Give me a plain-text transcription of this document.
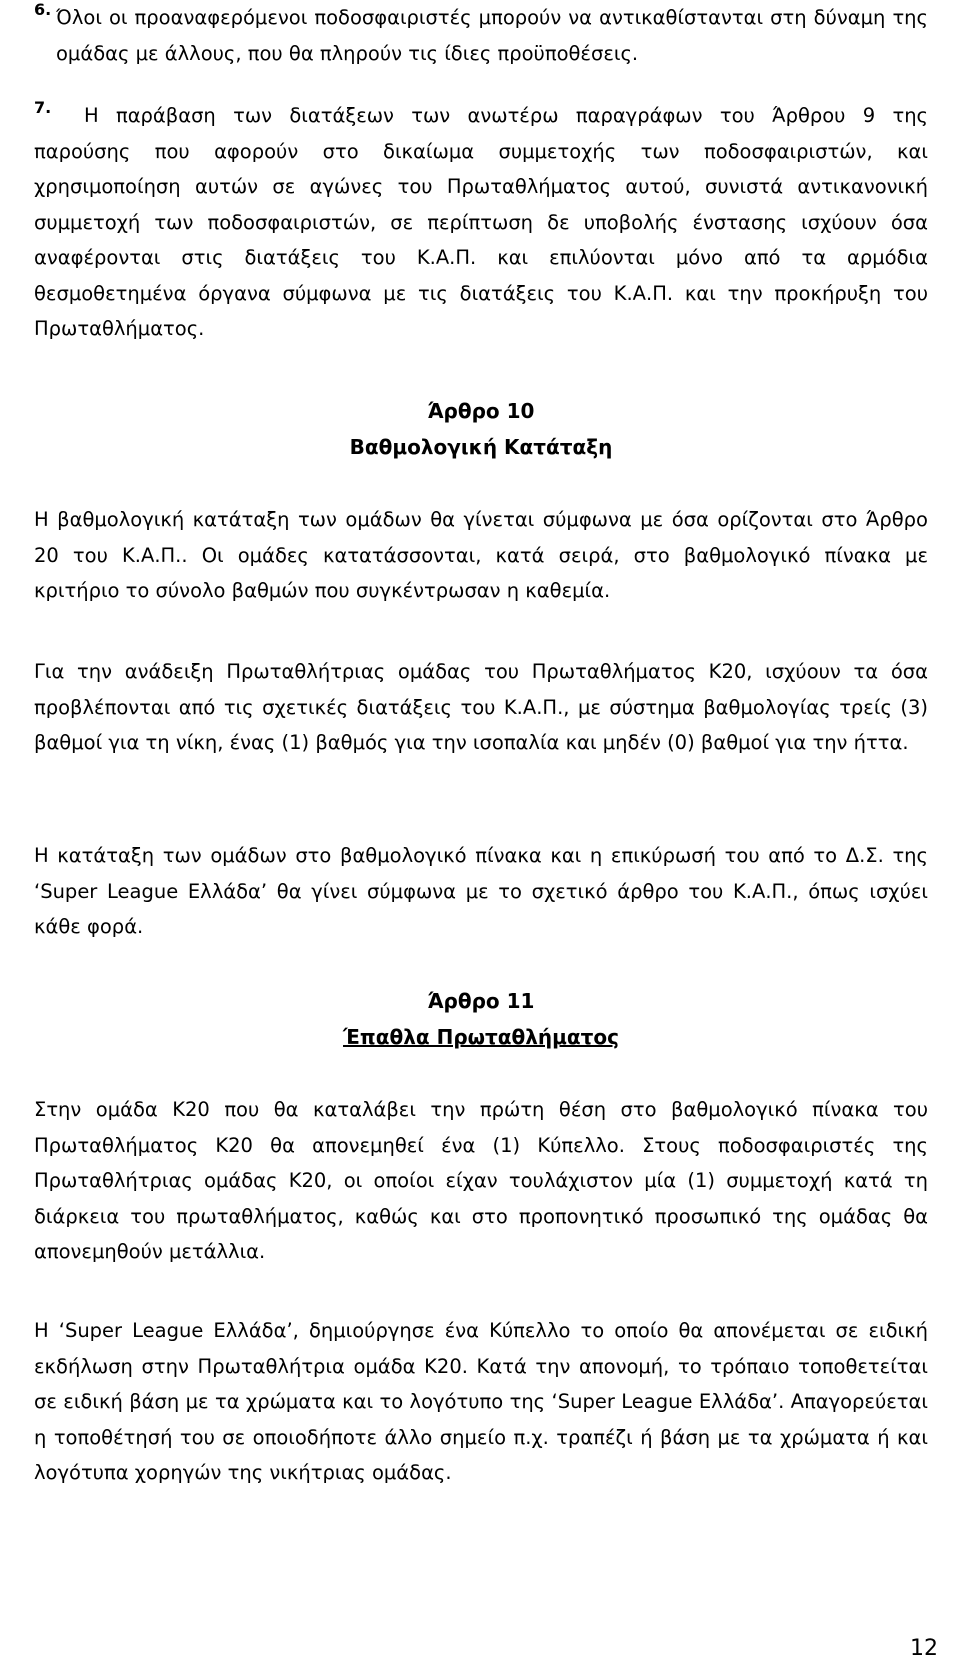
6. Όλοι οι προαναφερόμενοι ποδοσφαιριστές μπορούν να αντικαθίστανται στη δύναμη της ομάδας με άλλους, που θα πληρούν τις ίδιες προϋποθέσεις.

7.	Η παράβαση των διατάξεων των ανωτέρω παραγράφων του Άρθρου 9 της

παρούσης που αφορούν στο δικαίωμα συμμετοχής των ποδοσφαιριστών, και χρησιμοποίηση αυτών σε αγώνες του Πρωταθλήματος αυτού, συνιστά αντικανονική συμμετοχή των ποδοσφαιριστών, σε περίπτωση δε υποβολής ένστασης ισχύουν όσα αναφέρονται στις διατάξεις του Κ.Α.Π. και επιλύονται μόνο από τα αρμόδια θεσμοθετημένα όργανα σύμφωνα με τις διατάξεις του Κ.Α.Π. και την προκήρυξη του Πρωταθλήματος.

Άρθρο 10
Βαθμολογική Κατάταξη

Η βαθμολογική κατάταξη των ομάδων θα γίνεται σύμφωνα με όσα ορίζονται στο Άρθρο 20 του Κ.Α.Π.. Οι ομάδες κατατάσσονται, κατά σειρά, στο βαθμολογικό πίνακα με κριτήριο το σύνολο βαθμών που συγκέντρωσαν η καθεμία.

Για την ανάδειξη Πρωταθλήτριας ομάδας του Πρωταθλήματος Κ20, ισχύουν τα όσα προβλέπονται από τις σχετικές διατάξεις του Κ.Α.Π., με σύστημα βαθμολογίας τρείς (3) βαθμοί για τη νίκη, ένας (1) βαθμός για την ισοπαλία και μηδέν (0) βαθμοί για την ήττα.

Η κατάταξη των ομάδων στο βαθμολογικό πίνακα και η επικύρωσή του από το Δ.Σ. της ‘Super League Ελλάδα’ θα γίνει σύμφωνα με το σχετικό άρθρο του Κ.Α.Π., όπως ισχύει κάθε φορά.

Άρθρο 11
Έπαθλα Πρωταθλήματος

Στην ομάδα Κ20 που θα καταλάβει την πρώτη θέση στο βαθμολογικό πίνακα του Πρωταθλήματος Κ20 θα απονεμηθεί ένα (1) Κύπελλο. Στους ποδοσφαιριστές της Πρωταθλήτριας ομάδας Κ20, οι οποίοι είχαν τουλάχιστον μία (1) συμμετοχή κατά τη διάρκεια του πρωταθλήματος, καθώς και στο προπονητικό προσωπικό της ομάδας θα απονεμηθούν μετάλλια.

Η ‘Super League Ελλάδα’, δημιούργησε ένα Κύπελλο το οποίο θα απονέμεται σε ειδική εκδήλωση στην Πρωταθλήτρια ομάδα Κ20. Κατά την απονομή, το τρόπαιο τοποθετείται σε ειδική βάση με τα χρώματα και το λογότυπο της ‘Super League Ελλάδα’. Απαγορεύεται η τοποθέτησή του σε οποιοδήποτε άλλο σημείο π.χ. τραπέζι ή βάση με τα χρώματα ή και λογότυπα χορηγών της νικήτριας ομάδας.

12
